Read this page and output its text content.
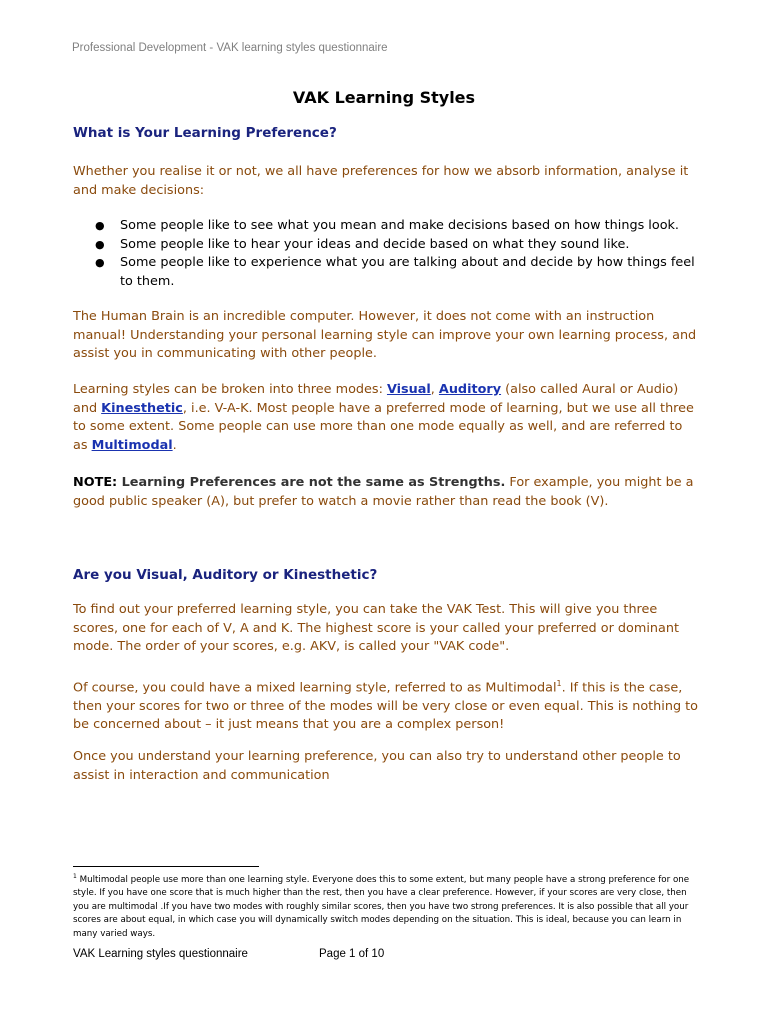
Professional Development - VAK learning styles questionnaire
VAK Learning Styles
What is Your Learning Preference?
Whether you realise it or not, we all have preferences for how we absorb information, analyse it and make decisions:
● Some people like to see what you mean and make decisions based on how things look.
● Some people like to hear your ideas and decide based on what they sound like.
● Some people like to experience what you are talking about and decide by how things feel to them.
The Human Brain is an incredible computer. However, it does not come with an instruction manual! Understanding your personal learning style can improve your own learning process, and assist you in communicating with other people.
Learning styles can be broken into three modes: Visual, Auditory (also called Aural or Audio) and Kinesthetic, i.e. V-A-K. Most people have a preferred mode of learning, but we use all three to some extent. Some people can use more than one mode equally as well, and are referred to as Multimodal.
NOTE: Learning Preferences are not the same as Strengths. For example, you might be a good public speaker (A), but prefer to watch a movie rather than read the book (V).
Are you Visual, Auditory or Kinesthetic?
To find out your preferred learning style, you can take the VAK Test. This will give you three scores, one for each of V, A and K. The highest score is your called your preferred or dominant mode. The order of your scores, e.g. AKV, is called your "VAK code".
Of course, you could have a mixed learning style, referred to as Multimodal$^1$. If this is the case, then your scores for two or three of the modes will be very close or even equal. This is nothing to be concerned about – it just means that you are a complex person!
Once you understand your learning preference, you can also try to understand other people to assist in interaction and communication
$^1$ Multimodal people use more than one learning style. Everyone does this to some extent, but many people have a strong preference for one style. If you have one score that is much higher than the rest, then you have a clear preference. However, if your scores are very close, then you are multimodal .If you have two modes with roughly similar scores, then you have two strong preferences. It is also possible that all your scores are about equal, in which case you will dynamically switch modes depending on the situation. This is ideal, because you can learn in many varied ways.
VAK Learning styles questionnaire	Page 1 of 10
